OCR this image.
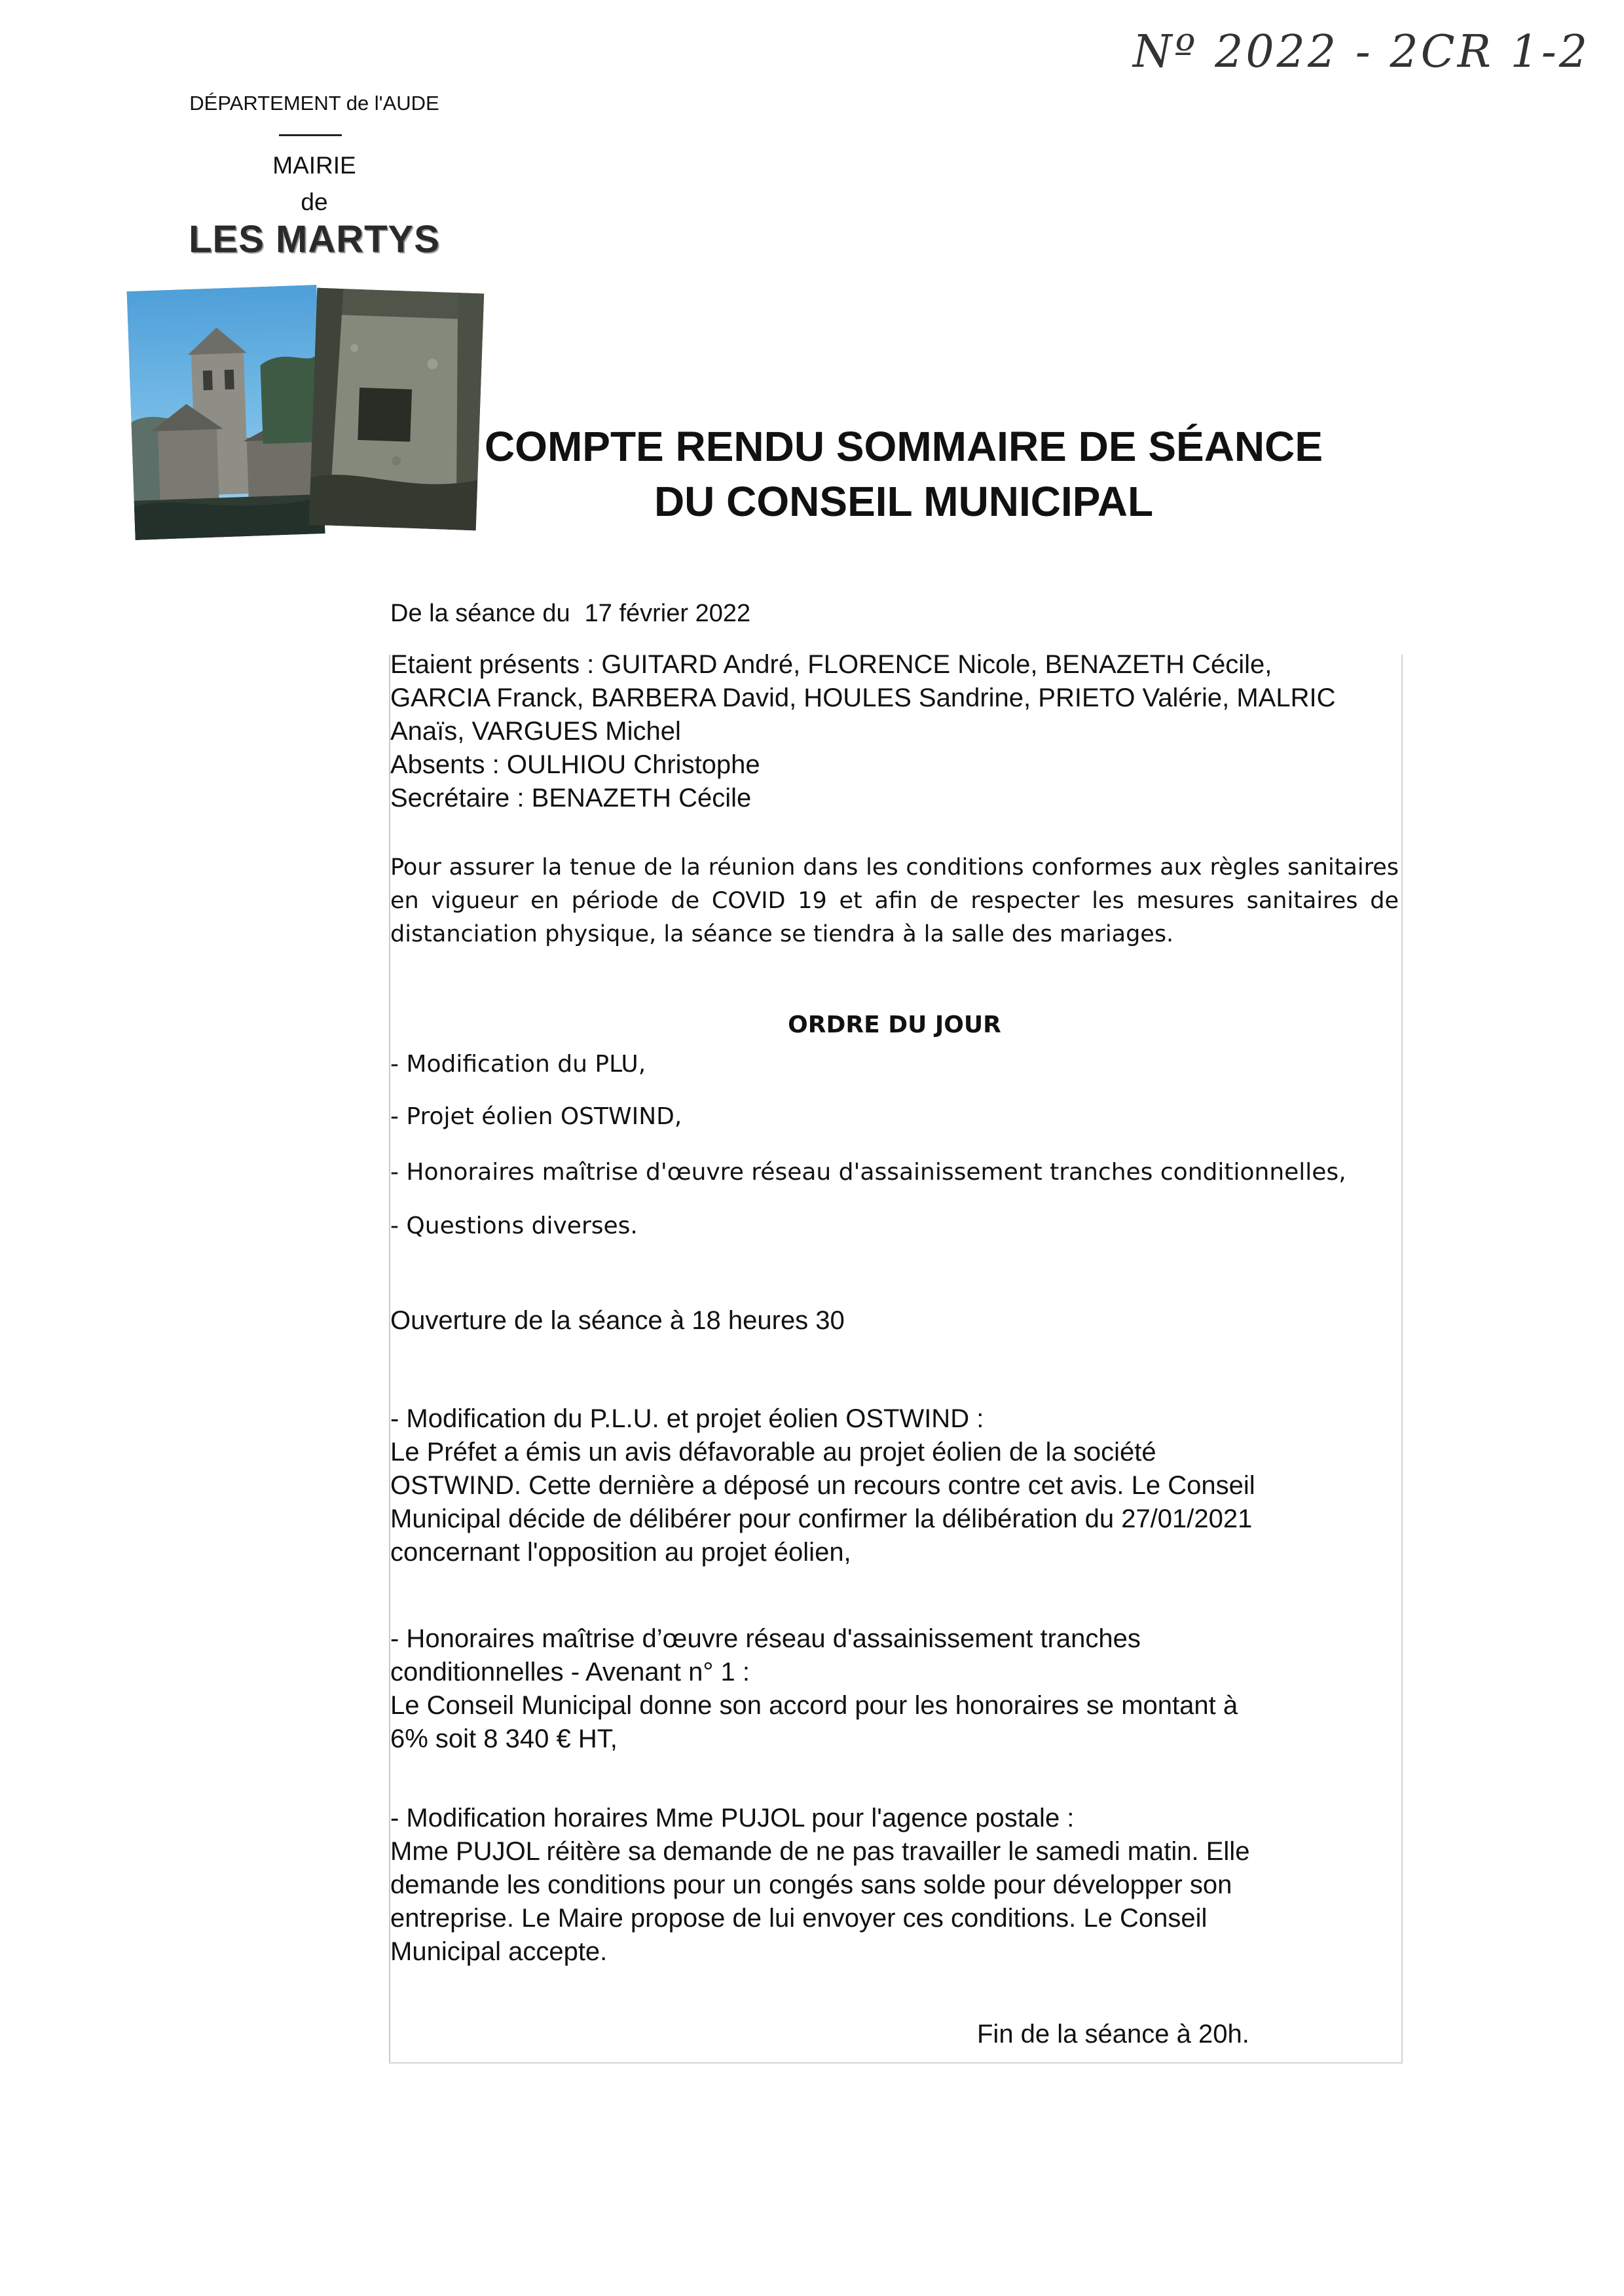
Nº 2022 - 2CR 1-2
DÉPARTEMENT de l'AUDE
MAIRIE
de
LES MARTYS
COMPTE RENDU SOMMAIRE DE SÉANCE
DU CONSEIL MUNICIPAL
De la séance du 17 février 2022
Etaient présents : GUITARD André, FLORENCE Nicole, BENAZETH Cécile,
GARCIA Franck, BARBERA David, HOULES Sandrine, PRIETO Valérie, MALRIC
Anaïs, VARGUES Michel
Absents : OULHIOU Christophe
Secrétaire : BENAZETH Cécile
Pour assurer la tenue de la réunion dans les conditions conformes aux règles sanitaires en vigueur en période de COVID 19 et afin de respecter les mesures sanitaires de distanciation physique, la séance se tiendra à la salle des mariages.
ORDRE DU JOUR
- Modification du PLU,
- Projet éolien OSTWIND,
- Honoraires maîtrise d'œuvre réseau d'assainissement tranches conditionnelles,
- Questions diverses.
Ouverture de la séance à 18 heures 30
- Modification du P.L.U. et projet éolien OSTWIND :
Le Préfet a émis un avis défavorable au projet éolien de la société
OSTWIND. Cette dernière a déposé un recours contre cet avis. Le Conseil
Municipal décide de délibérer pour confirmer la délibération du 27/01/2021
concernant l'opposition au projet éolien,
- Honoraires maîtrise d’œuvre réseau d'assainissement tranches
conditionnelles - Avenant n° 1 :
Le Conseil Municipal donne son accord pour les honoraires se montant à
6% soit 8 340 € HT,
- Modification horaires Mme PUJOL pour l'agence postale :
Mme PUJOL réitère sa demande de ne pas travailler le samedi matin. Elle
demande les conditions pour un congés sans solde pour développer son
entreprise. Le Maire propose de lui envoyer ces conditions. Le Conseil
Municipal accepte.
Fin de la séance à 20h.
